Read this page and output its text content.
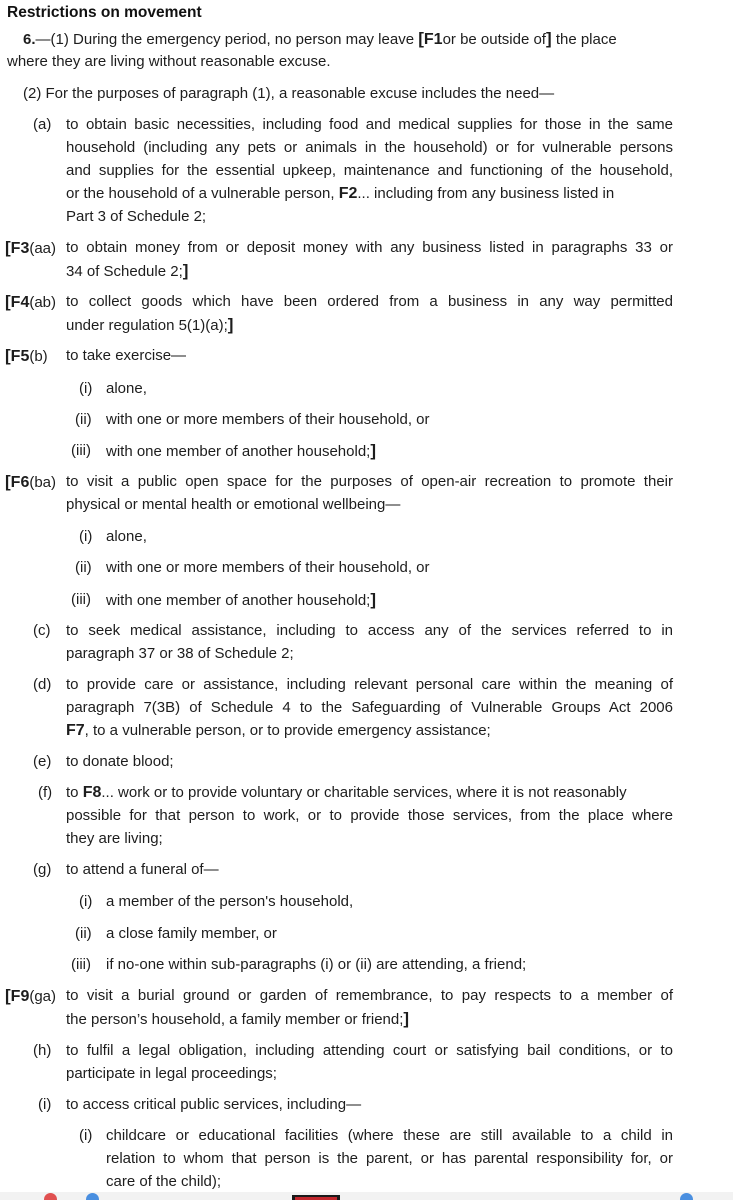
Restrictions on movement
6.—(1) During the emergency period, no person may leave [F1or be outside of] the place
where they are living without reasonable excuse.
(2) For the purposes of paragraph (1), a reasonable excuse includes the need—
(a) to obtain basic necessities, including food and medical supplies for those in the same
household (including any pets or animals in the household) or for vulnerable persons
and supplies for the essential upkeep, maintenance and functioning of the household,
or the household of a vulnerable person, F2... including from any business listed in
Part 3 of Schedule 2;
[F3(aa) to obtain money from or deposit money with any business listed in paragraphs 33 or
34 of Schedule 2;]
[F4(ab) to collect goods which have been ordered from a business in any way permitted
under regulation 5(1)(a);]
[F5(b) to take exercise—
(i) alone,
(ii) with one or more members of their household, or
(iii) with one member of another household;]
[F6(ba) to visit a public open space for the purposes of open-air recreation to promote their
physical or mental health or emotional wellbeing—
(i) alone,
(ii) with one or more members of their household, or
(iii) with one member of another household;]
(c) to seek medical assistance, including to access any of the services referred to in
paragraph 37 or 38 of Schedule 2;
(d) to provide care or assistance, including relevant personal care within the meaning of
paragraph 7(3B) of Schedule 4 to the Safeguarding of Vulnerable Groups Act 2006
F7, to a vulnerable person, or to provide emergency assistance;
(e) to donate blood;
(f) to F8... work or to provide voluntary or charitable services, where it is not reasonably
possible for that person to work, or to provide those services, from the place where
they are living;
(g) to attend a funeral of—
(i) a member of the person's household,
(ii) a close family member, or
(iii) if no-one within sub-paragraphs (i) or (ii) are attending, a friend;
[F9(ga) to visit a burial ground or garden of remembrance, to pay respects to a member of
the person’s household, a family member or friend;]
(h) to fulfil a legal obligation, including attending court or satisfying bail conditions, or to
participate in legal proceedings;
(i) to access critical public services, including—
(i) childcare or educational facilities (where these are still available to a child in
relation to whom that person is the parent, or has parental responsibility for, or
care of the child);
